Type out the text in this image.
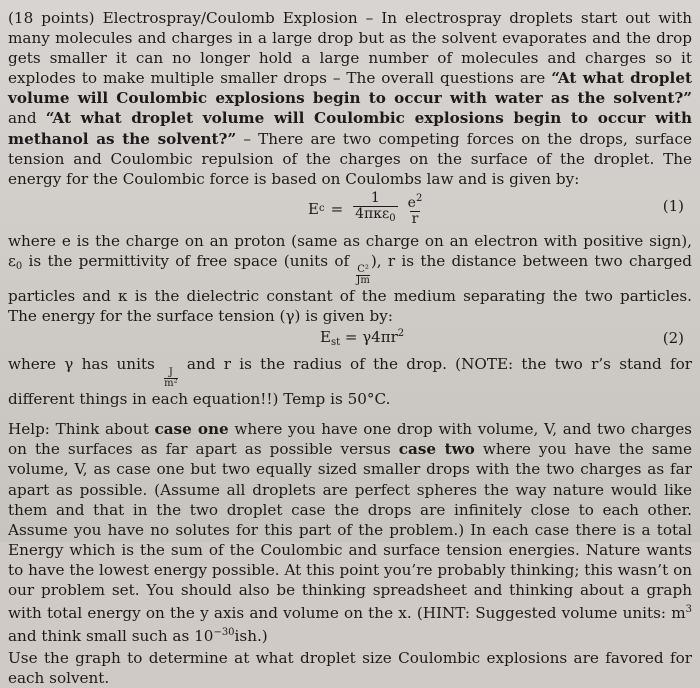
(18 points) Electrospray/Coulomb Explosion – In electrospray droplets start out with many molecules and charges in a large drop but as the solvent evaporates and the drop gets smaller it can no longer hold a large number of molecules and charges so it explodes to make multiple smaller drops – The overall questions are “At what droplet volume will Coulombic explosions begin to occur with water as the solvent?” and “At what droplet volume will Coulombic explosions begin to occur with methanol as the solvent?” – There are two competing forces on the drops, surface tension and Coulombic repulsion of the charges on the surface of the droplet. The energy for the Coulombic force is based on Coulombs law and is given by:

E $c = \frac{1}{4\pi\kappa\varepsilon_0} \frac{e^2}{r}$	(1)

where e is the charge on an proton (same as charge on an electron with positive sign), $\varepsilon_0$ is the permittivity of free space (units of
$\frac{\text{C²}}{Jm}$
), r is the distance between two charged particles and κ is the dielectric constant of the medium separating the two particles. The energy for the surface tension (γ) is given by:

$E_{st} = \gamma 4\pi r^2$	(2)

where γ has units
$\frac{J}{\text{m²}}$
and r is the radius of the drop. (NOTE: the two r’s stand for different things in each equation!!) Temp is 50°C.

Help: Think about case one where you have one drop with volume, V, and two charges on the surfaces as far apart as possible versus case two where you have the same volume, V, as case one but two equally sized smaller drops with the two charges as far apart as possible. (Assume all droplets are perfect spheres the way nature would like them and that in the two droplet case the drops are infinitely close to each other. Assume you have no solutes for this part of the problem.) In each case there is a total Energy which is the sum of the Coulombic and surface tension energies. Nature wants to have the lowest energy possible. At this point you’re probably thinking; this wasn’t on our problem set. You should also be thinking spreadsheet and thinking about a graph with total energy on the y axis and volume on the x. (HINT: Suggested volume units: $m^3$ and think small such as $10^{-30}ish$.)

Use the graph to determine at what droplet size Coulombic explosions are favored for each solvent.
